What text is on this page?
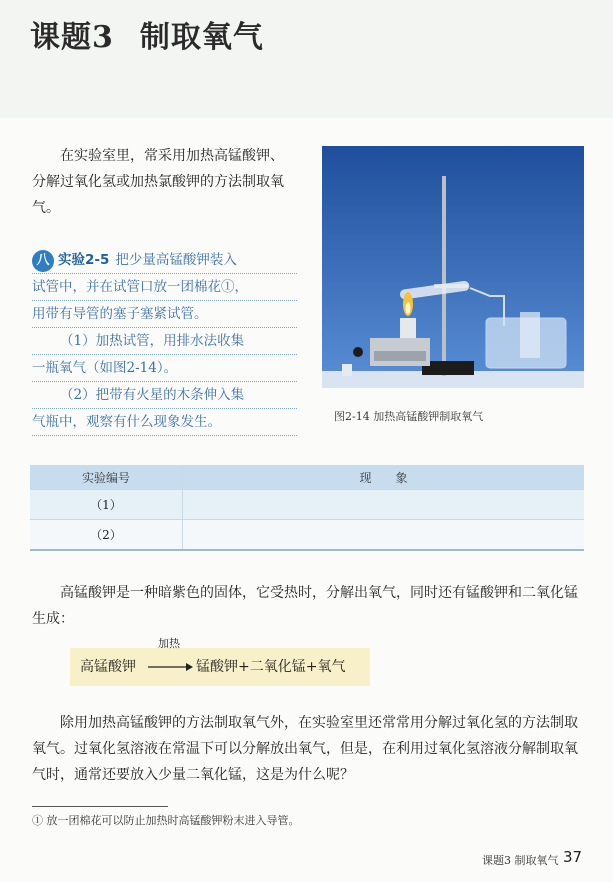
课题3 制取氧气
在实验室里，常采用加热高锰酸钾、分解过氧化氢或加热氯酸钾的方法制取氧气。
八 实验2-5 把少量高锰酸钾装入
试管中，并在试管口放一团棉花①，
用带有导管的塞子塞紧试管。
（1）加热试管，用排水法收集
一瓶氧气（如图2-14）。
（2）把带有火星的木条伸入集
气瓶中，观察有什么现象发生。	图2-14 加热高锰酸钾制取氧气
实验编号	现　　象
（1）	
（2）	
高锰酸钾是一种暗紫色的固体，它受热时，分解出氧气，同时还有锰酸钾和二氧化锰生成：
高锰酸钾
加热
锰酸钾+二氧化锰+氧气
除用加热高锰酸钾的方法制取氧气外，在实验室里还常常用分解过氧化氢的方法制取氧气。过氧化氢溶液在常温下可以分解放出氧气，但是，在利用过氧化氢溶液分解制取氧气时，通常还要放入少量二氧化锰，这是为什么呢？
① 放一团棉花可以防止加热时高锰酸钾粉末进入导管。
课题3 制取氧气 37
